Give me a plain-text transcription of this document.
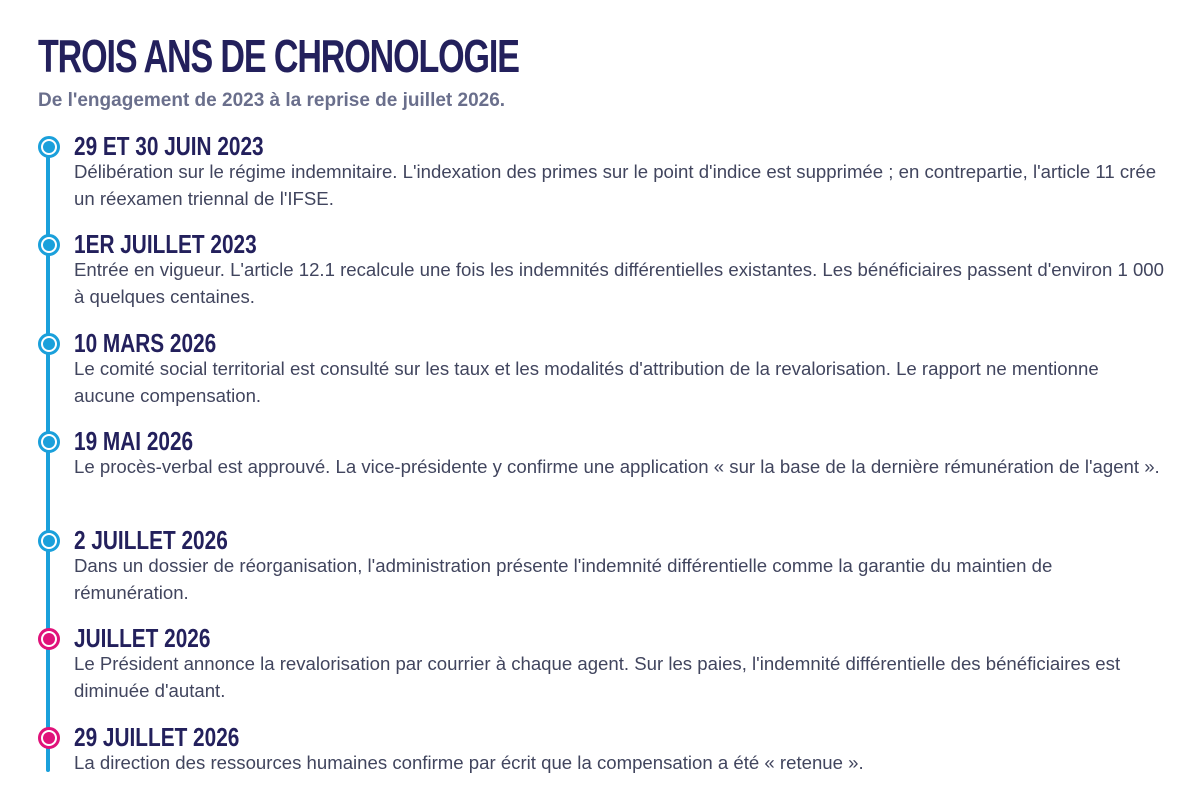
TROIS ANS DE CHRONOLOGIE

De l'engagement de 2023 à la reprise de juillet 2026.

29 ET 30 JUIN 2023

Délibération sur le régime indemnitaire. L'indexation des primes sur le point d'indice est supprimée ; en contrepartie, l'article 11 crée un réexamen triennal de l'IFSE.

1ER JUILLET 2023

Entrée en vigueur. L'article 12.1 recalcule une fois les indemnités différentielles existantes. Les bénéficiaires passent d'environ 1 000 à quelques centaines.

10 MARS 2026

Le comité social territorial est consulté sur les taux et les modalités d'attribution de la revalorisation. Le rapport ne mentionne aucune compensation.

19 MAI 2026

Le procès-verbal est approuvé. La vice-présidente y confirme une application « sur la base de la dernière rémunération de l'agent ».

2 JUILLET 2026

Dans un dossier de réorganisation, l'administration présente l'indemnité différentielle comme la garantie du maintien de rémunération.

JUILLET 2026

Le Président annonce la revalorisation par courrier à chaque agent. Sur les paies, l'indemnité différentielle des bénéficiaires est diminuée d'autant.

29 JUILLET 2026

La direction des ressources humaines confirme par écrit que la compensation a été « retenue ».
